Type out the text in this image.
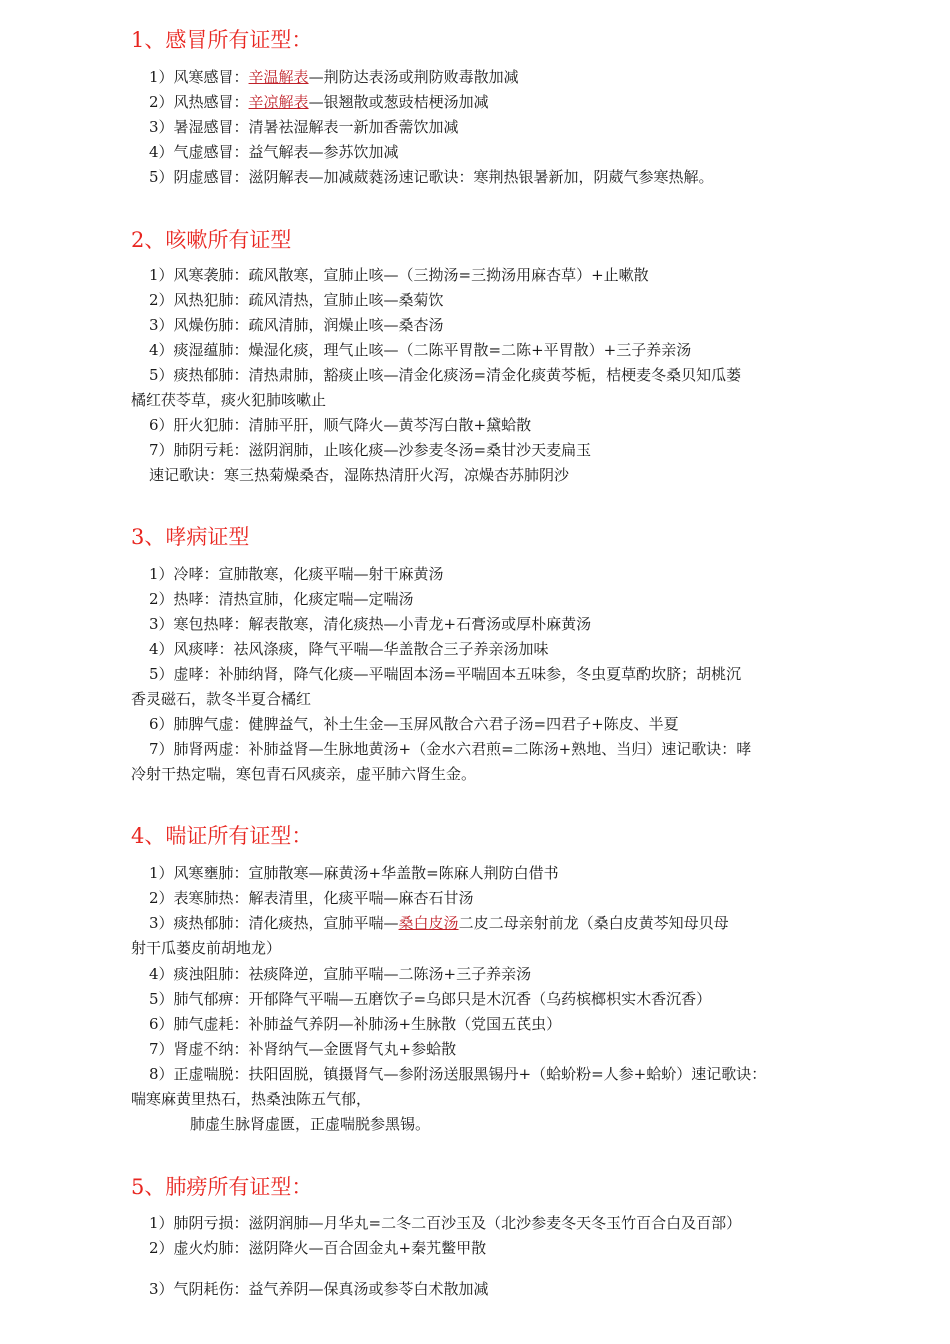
1、感冒所有证型：
1）风寒感冒：辛温解表—荆防达表汤或荆防败毒散加减
2）风热感冒：辛凉解表—银翘散或葱豉桔梗汤加减
3）暑湿感冒：清暑祛湿解表一新加香薷饮加减
4）气虚感冒：益气解表—参苏饮加减
5）阴虚感冒：滋阴解表—加减葳蕤汤速记歌诀：寒荆热银暑新加，阴葳气参寒热解。
2、咳嗽所有证型
1）风寒袭肺：疏风散寒，宣肺止咳—（三拗汤=三拗汤用麻杏草）+止嗽散
2）风热犯肺：疏风清热，宣肺止咳—桑菊饮
3）风燥伤肺：疏风清肺，润燥止咳—桑杏汤
4）痰湿蕴肺：燥湿化痰，理气止咳—（二陈平胃散=二陈+平胃散）+三子养亲汤
5）痰热郁肺：清热肃肺，豁痰止咳—清金化痰汤=清金化痰黄芩栀，桔梗麦冬桑贝知瓜蒌
橘红茯苓草，痰火犯肺咳嗽止
6）肝火犯肺：清肺平肝，顺气降火—黄芩泻白散+黛蛤散
7）肺阴亏耗：滋阴润肺，止咳化痰—沙参麦冬汤=桑甘沙天麦扁玉
速记歌诀：寒三热菊燥桑杏，湿陈热清肝火泻，凉燥杏苏肺阴沙
3、哮病证型
1）冷哮：宣肺散寒，化痰平喘—射干麻黄汤
2）热哮：清热宣肺，化痰定喘—定喘汤
3）寒包热哮：解表散寒，清化痰热—小青龙+石膏汤或厚朴麻黄汤
4）风痰哮：祛风涤痰，降气平喘—华盖散合三子养亲汤加味
5）虚哮：补肺纳肾，降气化痰—平喘固本汤=平喘固本五味参，冬虫夏草酌坎脐；胡桃沉
香灵磁石，款冬半夏合橘红
6）肺脾气虚：健脾益气，补土生金—玉屏风散合六君子汤=四君子+陈皮、半夏
7）肺肾两虚：补肺益肾—生脉地黄汤+（金水六君煎=二陈汤+熟地、当归）速记歌诀：哮
冷射干热定喘，寒包青石风痰亲，虚平肺六肾生金。
4、喘证所有证型：
1）风寒壅肺：宣肺散寒—麻黄汤+华盖散=陈麻人荆防白借书
2）表寒肺热：解表清里，化痰平喘—麻杏石甘汤
3）痰热郁肺：清化痰热，宣肺平喘—桑白皮汤二皮二母亲射前龙（桑白皮黄芩知母贝母
射干瓜蒌皮前胡地龙）
4）痰浊阻肺：祛痰降逆，宣肺平喘—二陈汤+三子养亲汤
5）肺气郁痹：开郁降气平喘—五磨饮子=乌郎只是木沉香（乌药槟榔枳实木香沉香）
6）肺气虚耗：补肺益气养阴—补肺汤+生脉散（党国五芪虫）
7）肾虚不纳：补肾纳气—金匮肾气丸+参蛤散
8）正虚喘脱：扶阳固脱，镇摄肾气—参附汤送服黑锡丹+（蛤蚧粉=人参+蛤蚧）速记歌诀：
喘寒麻黄里热石，热桑浊陈五气郁，
肺虚生脉肾虚匮，正虚喘脱参黑锡。
5、肺痨所有证型：
1）肺阴亏损：滋阴润肺—月华丸=二冬二百沙玉及（北沙参麦冬天冬玉竹百合白及百部）
2）虚火灼肺：滋阴降火—百合固金丸+秦艽鳖甲散
3）气阴耗伤：益气养阴—保真汤或参苓白术散加减
